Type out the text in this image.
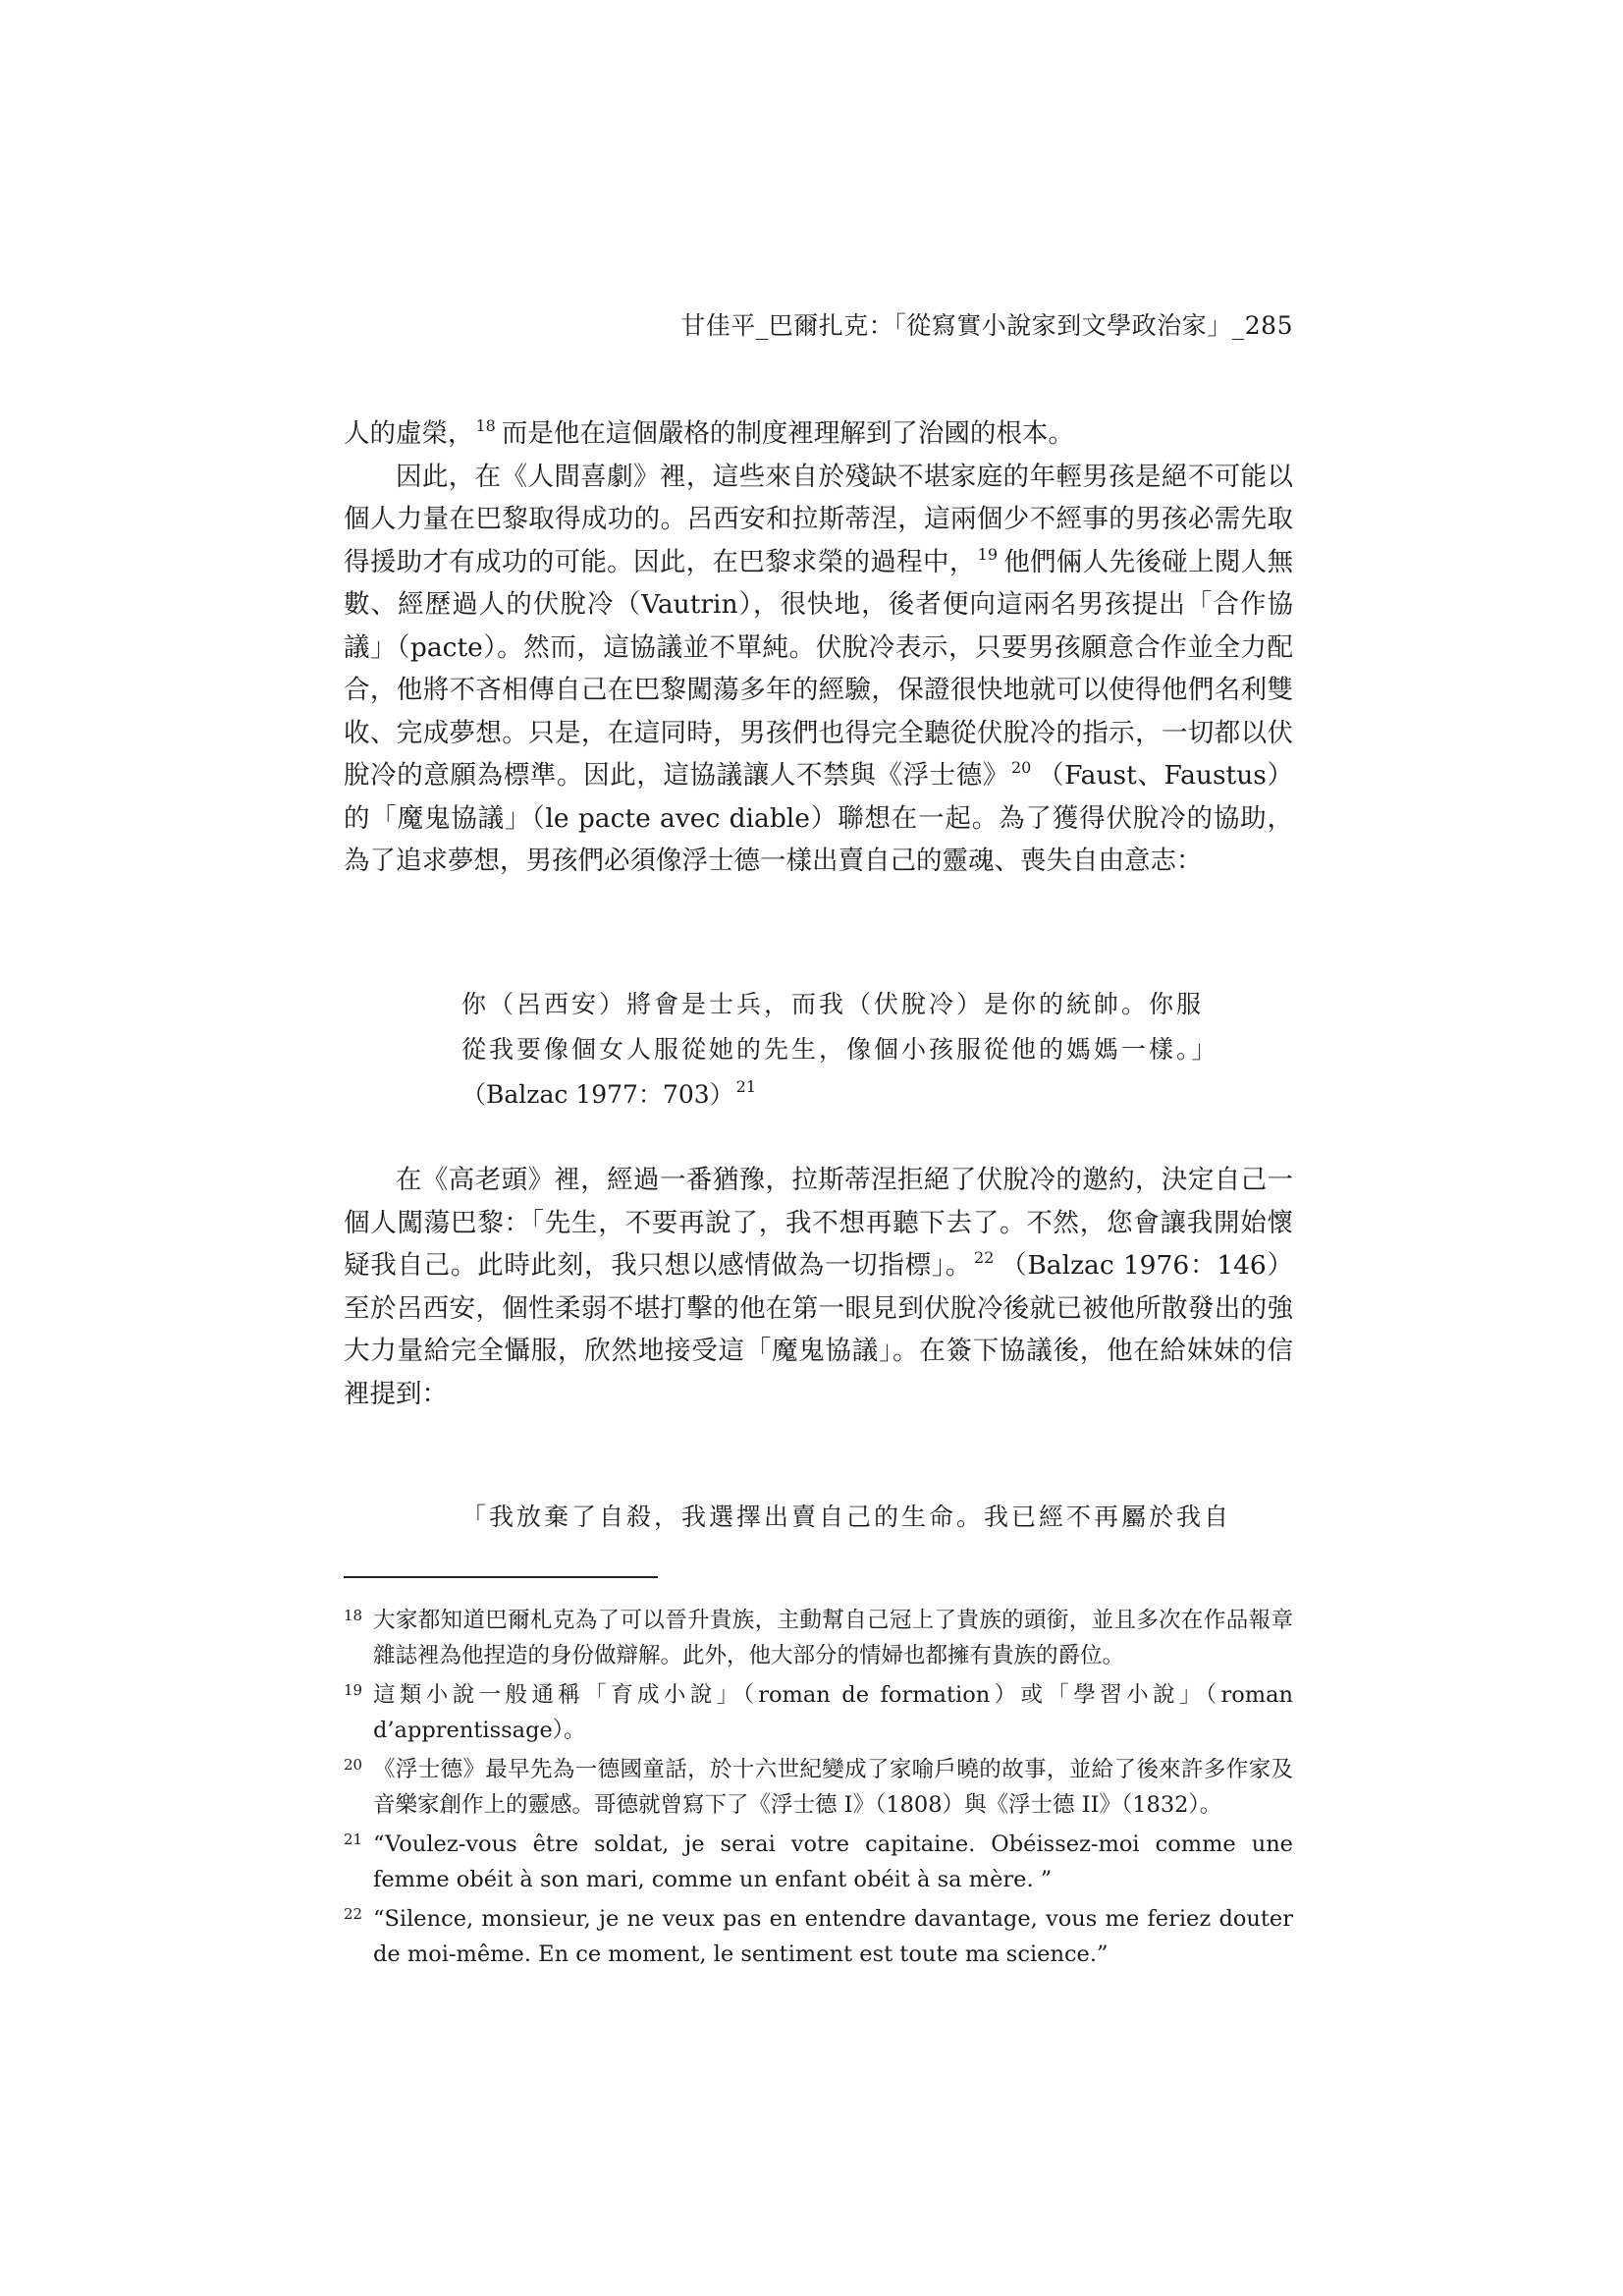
甘佳平_巴爾扎克：「從寫實小說家到文學政治家」_285

人的虛榮， $^{18}$ 而是他在這個嚴格的制度裡理解到了治國的根本。

因此，在《人間喜劇》裡，這些來自於殘缺不堪家庭的年輕男孩是絕不可能以個人力量在巴黎取得成功的。呂西安和拉斯蒂涅，這兩個少不經事的男孩必需先取得援助才有成功的可能。因此，在巴黎求榮的過程中， $^{19}$ 他們倆人先後碰上閱人無數、經歷過人的伏脫冷（Vautrin），很快地，後者便向這兩名男孩提出「合作協議」（pacte）。然而，這協議並不單純。伏脫冷表示，只要男孩願意合作並全力配合，他將不吝相傳自己在巴黎闖蕩多年的經驗，保證很快地就可以使得他們名利雙收、完成夢想。只是，在這同時，男孩們也得完全聽從伏脫冷的指示，一切都以伏脫冷的意願為標準。因此，這協議讓人不禁與《浮士德》 $^{20}$ （Faust、Faustus）的「魔鬼協議」（le pacte avec diable）聯想在一起。為了獲得伏脫冷的協助，為了追求夢想，男孩們必須像浮士德一樣出賣自己的靈魂、喪失自由意志：

你（呂西安）將會是士兵，而我（伏脫冷）是你的統帥。你服

從我要像個女人服從她的先生，像個小孩服從他的媽媽一樣。」

（Balzac 1977：703） $^{21}$

在《高老頭》裡，經過一番猶豫，拉斯蒂涅拒絕了伏脫冷的邀約，決定自己一個人闖蕩巴黎：「先生，不要再說了，我不想再聽下去了。不然，您會讓我開始懷疑我自己。此時此刻，我只想以感情做為一切指標」。 $^{22}$ （Balzac 1976：146）至於呂西安，個性柔弱不堪打擊的他在第一眼見到伏脫冷後就已被他所散發出的強大力量給完全懾服，欣然地接受這「魔鬼協議」。在簽下協議後，他在給妹妹的信裡提到：

「我放棄了自殺，我選擇出賣自己的生命。我已經不再屬於我自

18 大家都知道巴爾札克為了可以晉升貴族，主動幫自己冠上了貴族的頭銜，並且多次在作品報章雜誌裡為他捏造的身份做辯解。此外，他大部分的情婦也都擁有貴族的爵位。
19 這類小說一般通稱「育成小說」（roman de formation）或「學習小說」（roman d’apprentissage）。
20 《浮士德》最早先為一德國童話，於十六世紀變成了家喻戶曉的故事，並給了後來許多作家及音樂家創作上的靈感。哥德就曾寫下了《浮士德 I》（1808）與《浮士德 II》（1832）。
21 “Voulez-vous être soldat, je serai votre capitaine. Obéissez-moi comme une femme obéit à son mari, comme un enfant obéit à sa mère. ”
22 “Silence, monsieur, je ne veux pas en entendre davantage, vous me feriez douter de moi-même. En ce moment, le sentiment est toute ma science.”
